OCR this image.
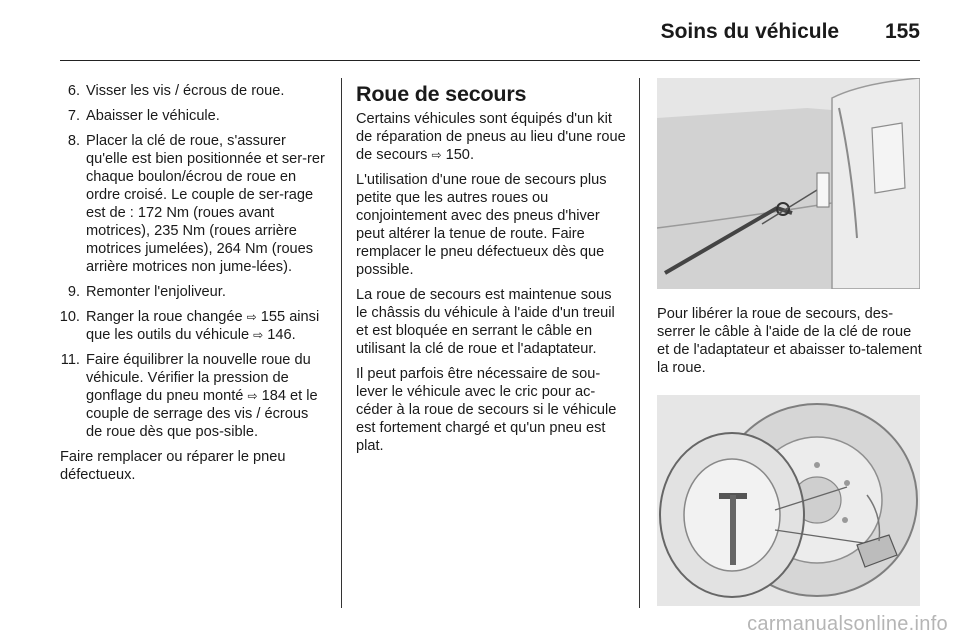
Soins du véhicule 155
6. Visser les vis / écrous de roue.
7. Abaisser le véhicule.
8. Placer la clé de roue, s'assurer qu'elle est bien positionnée et ser-rer chaque boulon/écrou de roue en ordre croisé. Le couple de ser-rage est de : 172 Nm (roues avant motrices), 235 Nm (roues arrière motrices jumelées), 264 Nm (roues arrière motrices non jume-lées).
9. Remonter l'enjoliveur.
10. Ranger la roue changée ⇨ 155 ainsi que les outils du véhicule ⇨ 146.
11. Faire équilibrer la nouvelle roue du véhicule. Vérifier la pression de gonflage du pneu monté ⇨ 184 et le couple de serrage des vis / écrous de roue dès que pos-sible.

Faire remplacer ou réparer le pneu défectueux.

Roue de secours

Certains véhicules sont équipés d'un kit de réparation de pneus au lieu d'une roue de secours ⇨ 150.

L'utilisation d'une roue de secours plus petite que les autres roues ou conjointement avec des pneus d'hiver peut altérer la tenue de route. Faire remplacer le pneu défectueux dès que possible.

La roue de secours est maintenue sous le châssis du véhicule à l'aide d'un treuil et est bloquée en serrant le câble en utilisant la clé de roue et l'adaptateur.

Il peut parfois être nécessaire de sou-lever le véhicule avec le cric pour ac-céder à la roue de secours si le véhicule est fortement chargé et qu'un pneu est plat.

Pour libérer la roue de secours, des-serrer le câble à l'aide de la clé de roue et de l'adaptateur et abaisser to-talement la roue.

carmanualsonline.info
